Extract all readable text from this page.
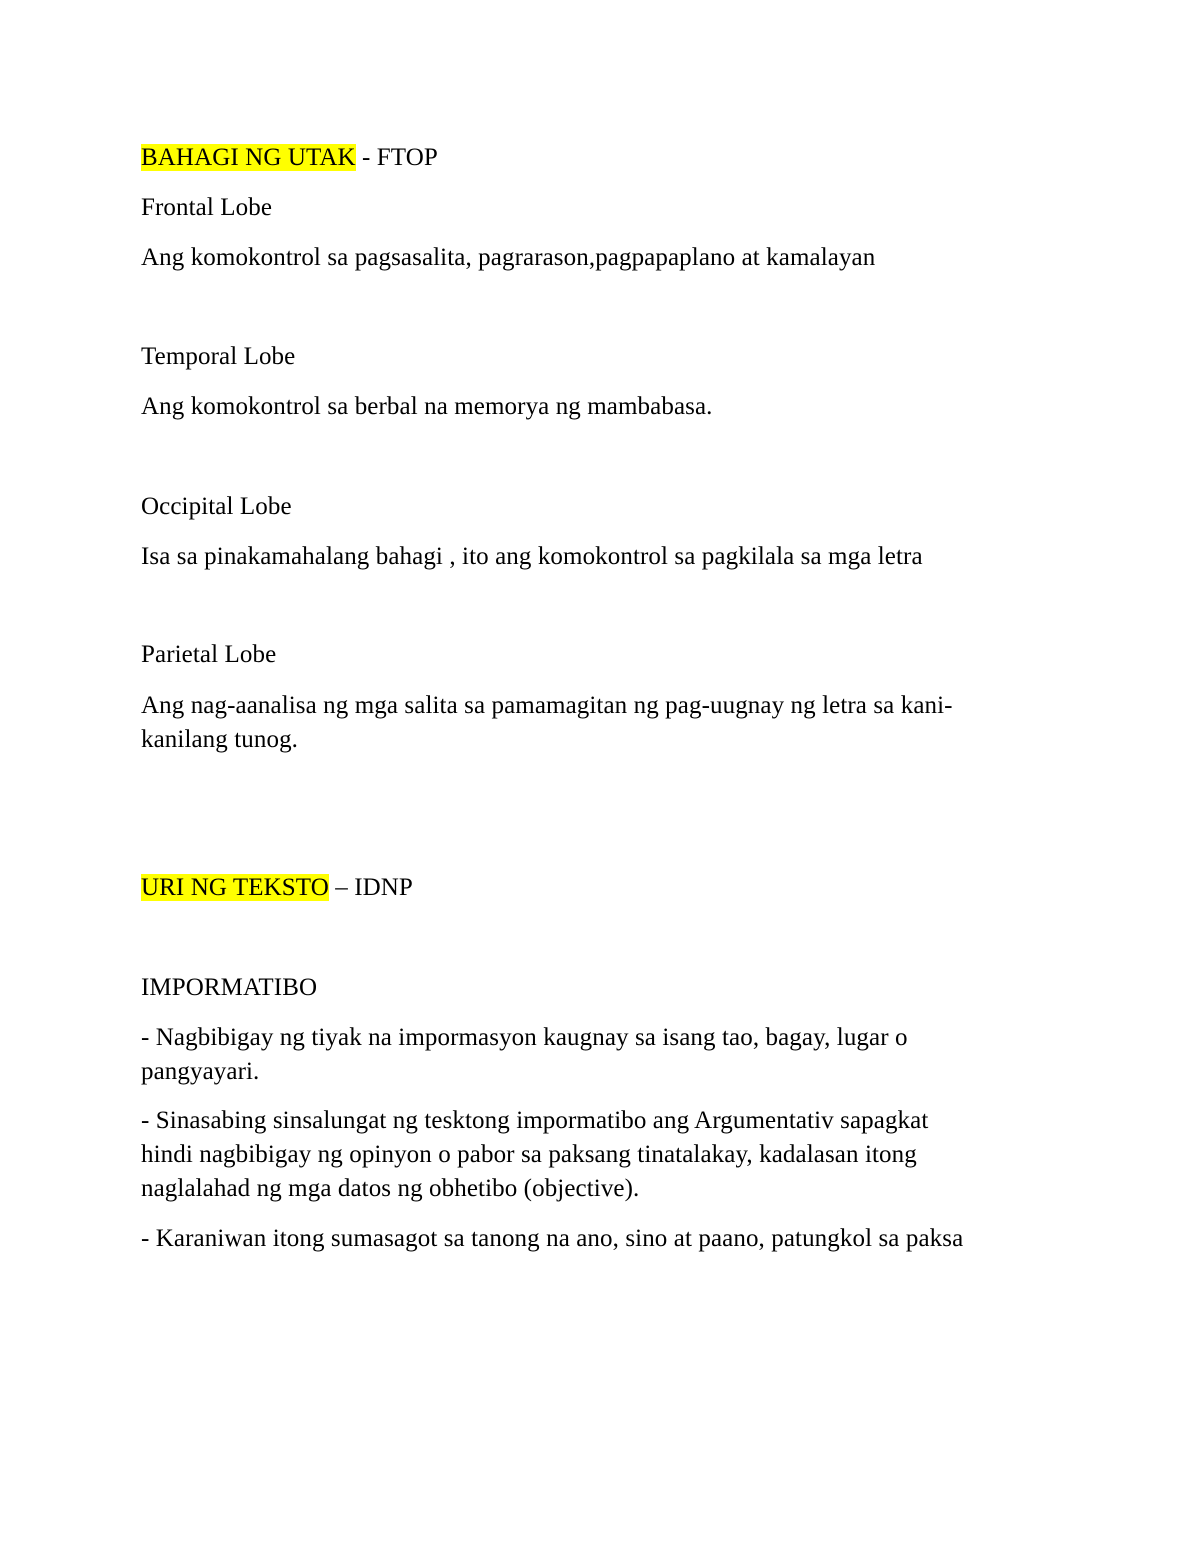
BAHAGI NG UTAK - FTOP
Frontal Lobe
Ang komokontrol sa pagsasalita, pagrarason,pagpapaplano at kamalayan
Temporal Lobe
Ang komokontrol sa berbal na memorya ng mambabasa.
Occipital Lobe
Isa sa pinakamahalang bahagi , ito ang komokontrol sa pagkilala sa mga letra
Parietal Lobe
Ang nag-aanalisa ng mga salita sa pamamagitan ng pag-uugnay ng letra sa kani-
kanilang tunog.
URI NG TEKSTO – IDNP
IMPORMATIBO
- Nagbibigay ng tiyak na impormasyon kaugnay sa isang tao, bagay, lugar o
pangyayari.
- Sinasabing sinsalungat ng tesktong impormatibo ang Argumentativ sapagkat
hindi nagbibigay ng opinyon o pabor sa paksang tinatalakay, kadalasan itong
naglalahad ng mga datos ng obhetibo (objective).
- Karaniwan itong sumasagot sa tanong na ano, sino at paano, patungkol sa paksa
